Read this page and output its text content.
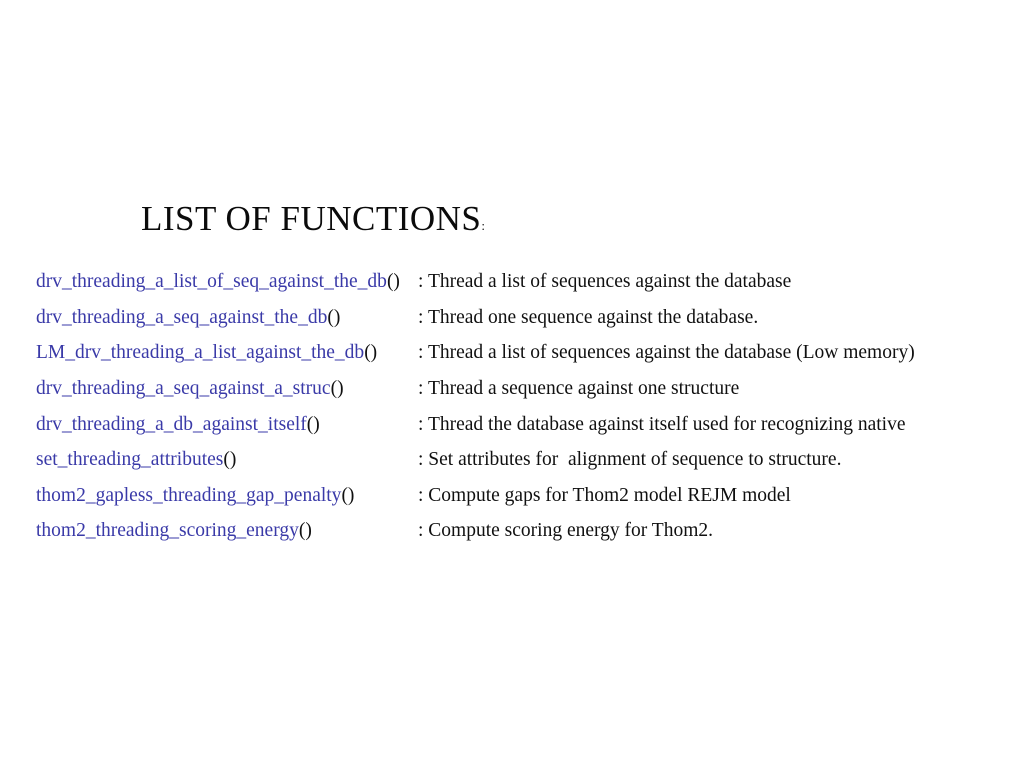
LIST OF FUNCTIONS:

drv_threading_a_list_of_seq_against_the_db() : Thread a list of sequences against the database
drv_threading_a_seq_against_the_db()	: Thread one sequence against the database.
LM_drv_threading_a_list_against_the_db()	: Thread a list of sequences against the database (Low memory)
drv_threading_a_seq_against_a_struc()	: Thread a sequence against one structure
drv_threading_a_db_against_itself()	: Thread the database against itself used for recognizing native
set_threading_attributes()	: Set attributes for  alignment of sequence to structure.
thom2_gapless_threading_gap_penalty()	: Compute gaps for Thom2 model REJM model
thom2_threading_scoring_energy()	: Compute scoring energy for Thom2.
